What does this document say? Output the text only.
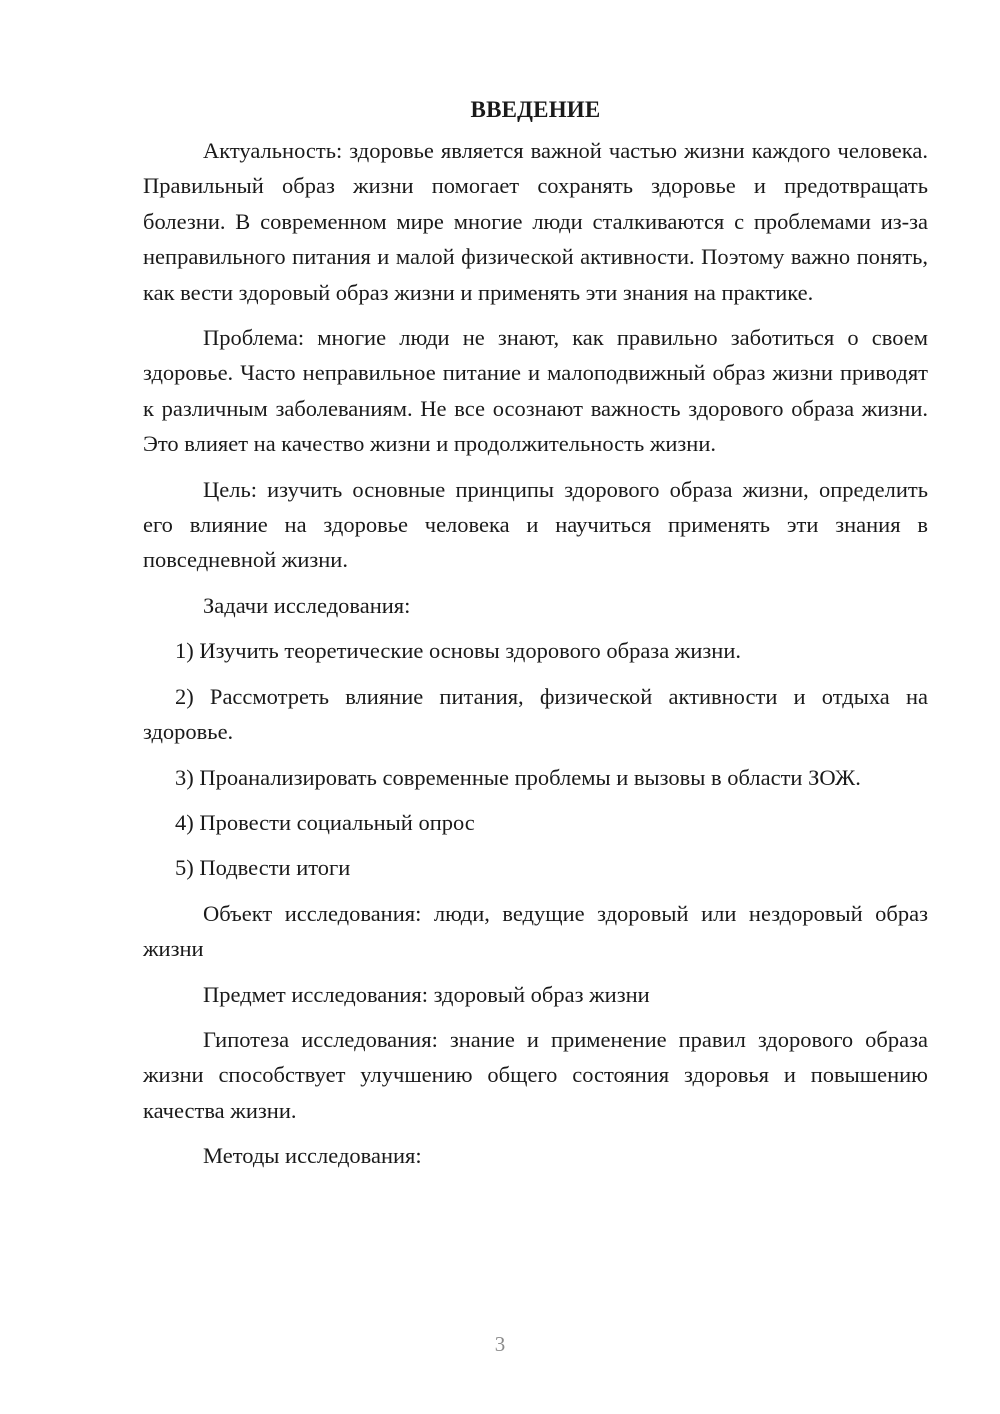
ВВЕДЕНИЕ

Актуальность: здоровье является важной частью жизни каждого человека. Правильный образ жизни помогает сохранять здоровье и предотвращать болезни. В современном мире многие люди сталкиваются с проблемами из-за неправильного питания и малой физической активности. Поэтому важно понять, как вести здоровый образ жизни и применять эти знания на практике.

Проблема: многие люди не знают, как правильно заботиться о своем здоровье. Часто неправильное питание и малоподвижный образ жизни приводят к различным заболеваниям. Не все осознают важность здорового образа жизни. Это влияет на качество жизни и продолжительность жизни.

Цель: изучить основные принципы здорового образа жизни, определить его влияние на здоровье человека и научиться применять эти знания в повседневной жизни.

Задачи исследования:

1) Изучить теоретические основы здорового образа жизни.

2) Рассмотреть влияние питания, физической активности и отдыха на здоровье.

3) Проанализировать современные проблемы и вызовы в области ЗОЖ.

4) Провести социальный опрос

5) Подвести итоги

Объект исследования: люди, ведущие здоровый или нездоровый образ жизни

Предмет исследования: здоровый образ жизни

Гипотеза исследования: знание и применение правил здорового образа жизни способствует улучшению общего состояния здоровья и повышению качества жизни.

Методы исследования:

3
